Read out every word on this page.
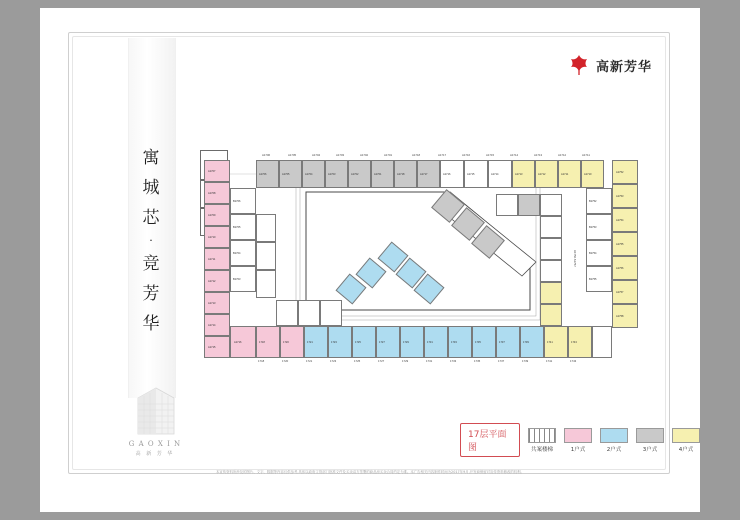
高新芳华
寓
城
芯
·
竞
芳
华
G A O X I N
高 新 芳 华
A1706	A1705	A1704	A1703	A1702	A1701	A1718	A1717	A1716	A1715	A1714	A1713	A1712	A1711
A1706	A1705	A1704	A1703	A1702	A1701	A1718	A1717	A1716	A1715	A1714	A1713	A1712	A1711	A1710
A1707
A1708
A1709
A1710
A1711
A1712
A1713
A1714
B1706
B1705
B1704
B1703
A1715
A1716	1718	1720	1721	1723	1725	1727	1729	1731	1733	1735	1737	1739	1741	1743
1718	1720	1721	1723	1725	1727	1729	1731	1733	1735	1737	1739	1741	1743
A1752
A1753
A1754
A1755
A1756
A1757
A1758
B1752
B1753
B1754
B1755
A1756 A1757
17层平面图	共案楼梯	1户式	2户式	3户式	4户式
本宣传资料所涉及的图片、文字、数据等内容仅供参考,具体以政府主管部门批准文件及买卖双方签署的商品房买卖合同约定为准。本广告相关内容制作时间为2017年9月,开发商保留对宣传资料修改的权利。
